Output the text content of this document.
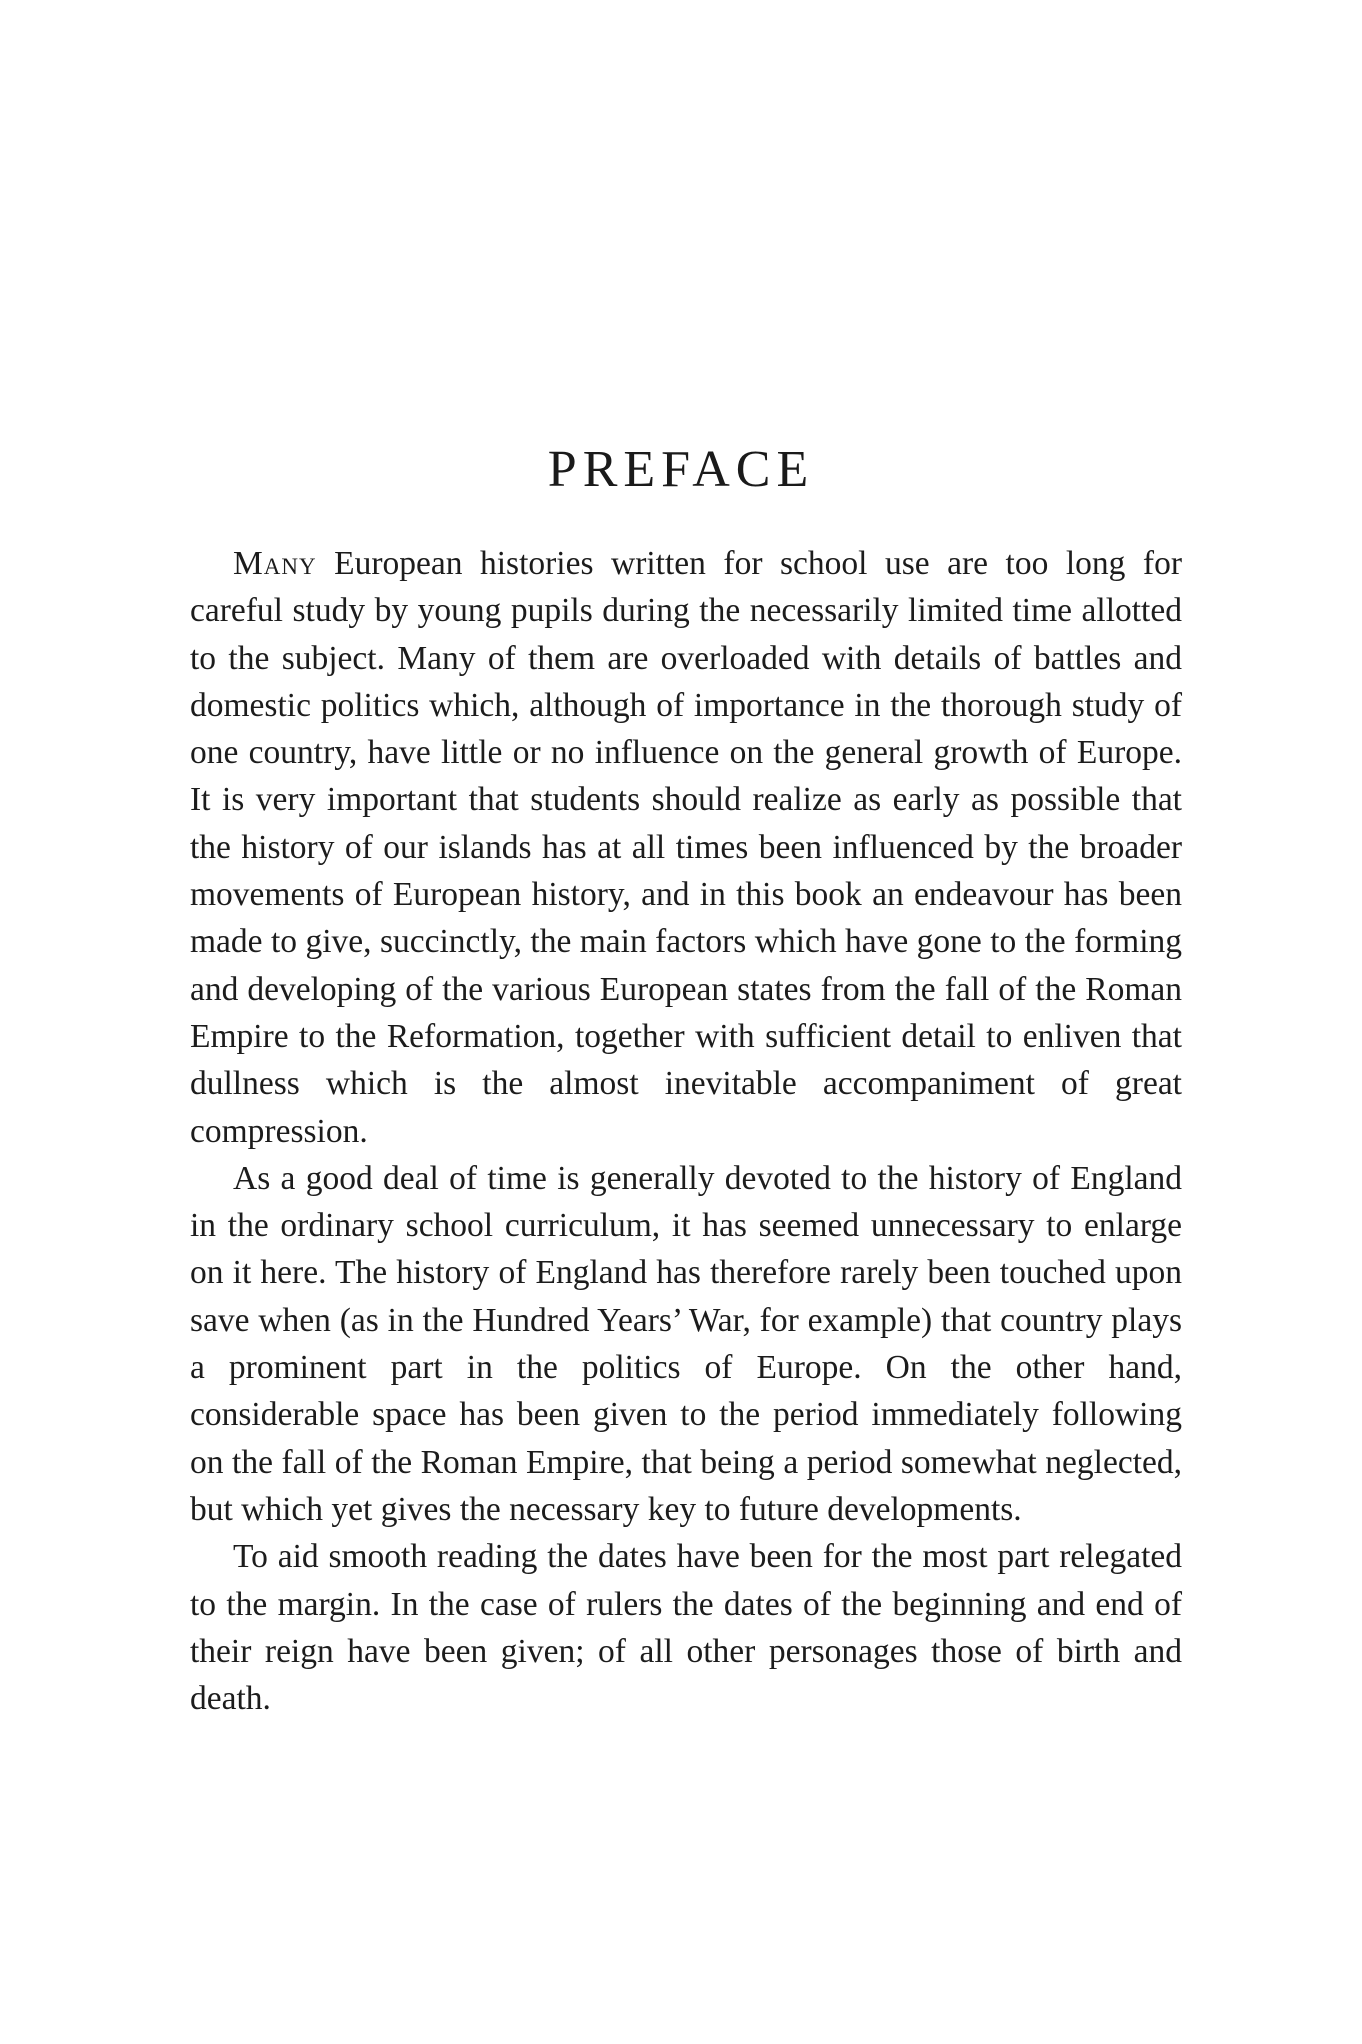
PREFACE

Many European histories written for school use are too long for careful study by young pupils during the necessarily limited time allotted to the subject. Many of them are overloaded with details of battles and domestic politics which, although of importance in the thorough study of one country, have little or no influence on the general growth of Europe. It is very important that students should realize as early as possible that the history of our islands has at all times been influenced by the broader movements of European history, and in this book an endeavour has been made to give, succinctly, the main factors which have gone to the forming and developing of the various European states from the fall of the Roman Empire to the Reformation, together with sufficient detail to enliven that dullness which is the almost inevitable accompaniment of great compression.

As a good deal of time is generally devoted to the history of England in the ordinary school curriculum, it has seemed unnecessary to enlarge on it here. The history of England has therefore rarely been touched upon save when (as in the Hundred Years’ War, for example) that country plays a prominent part in the politics of Europe. On the other hand, considerable space has been given to the period immediately following on the fall of the Roman Empire, that being a period somewhat neglected, but which yet gives the necessary key to future developments.

To aid smooth reading the dates have been for the most part relegated to the margin. In the case of rulers the dates of the beginning and end of their reign have been given; of all other personages those of birth and death.
